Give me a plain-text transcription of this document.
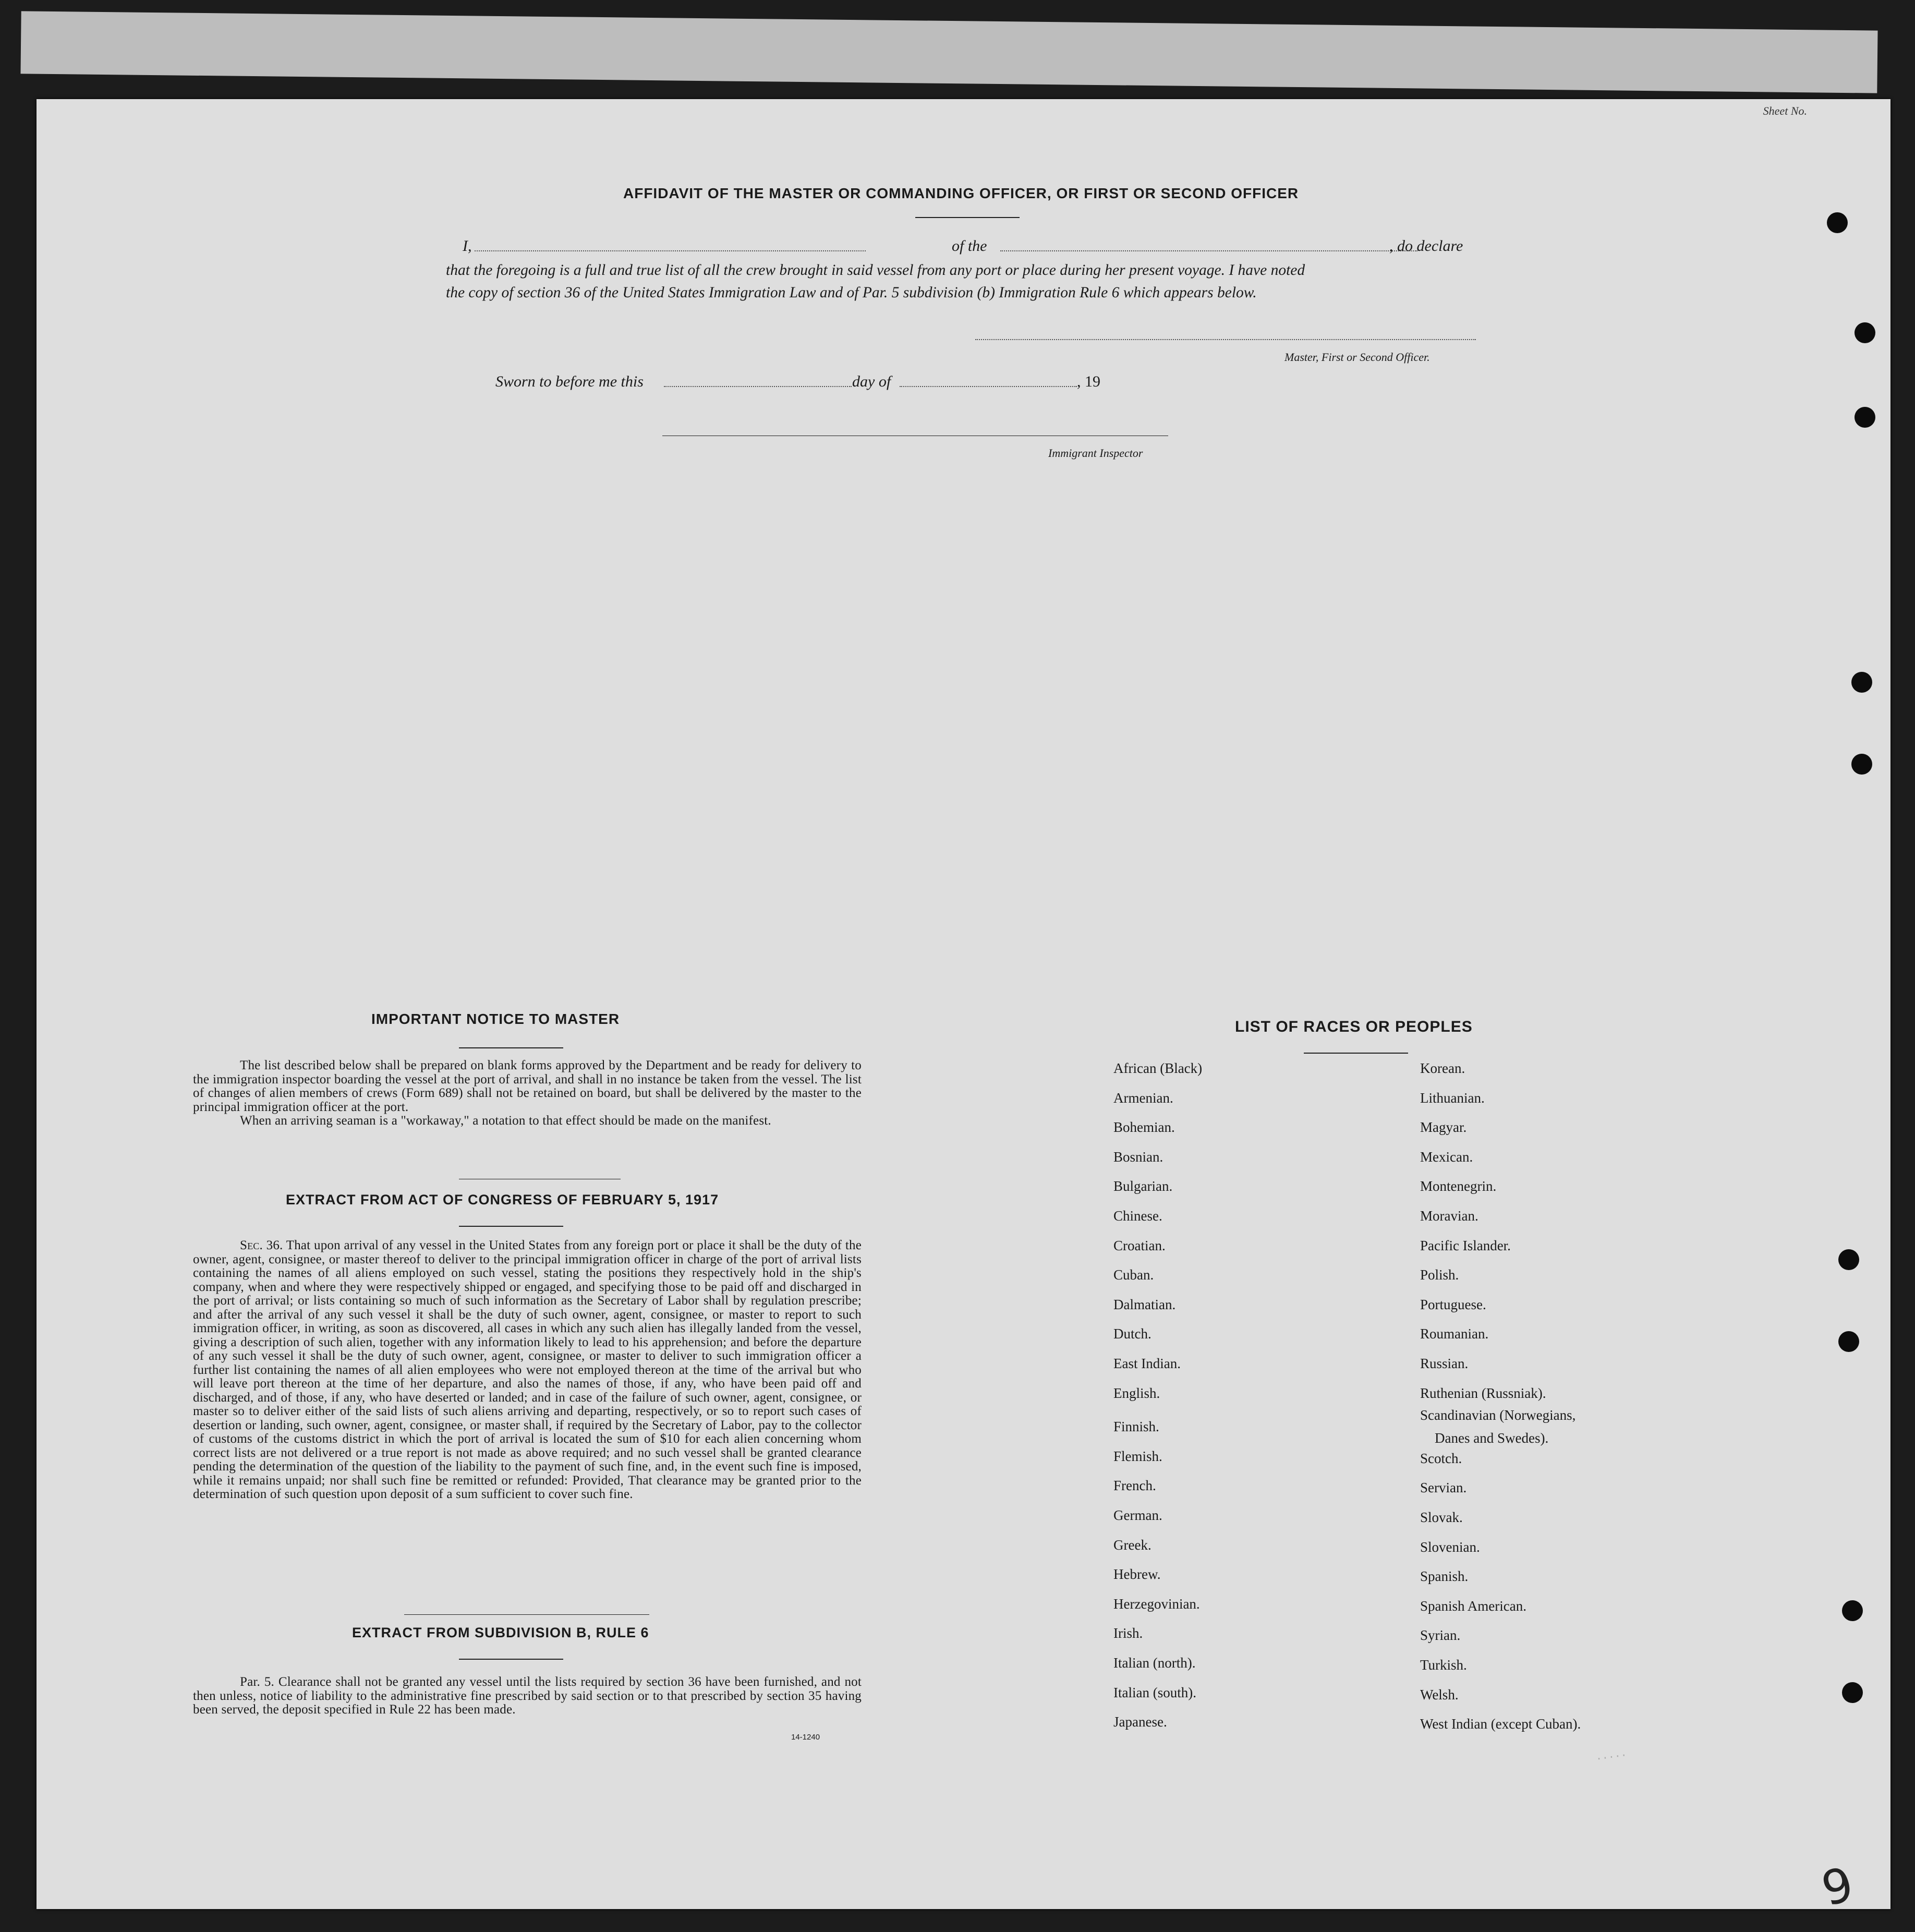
Sheet No.
AFFIDAVIT OF THE MASTER OR COMMANDING OFFICER, OR FIRST OR SECOND OFFICER
I,	of the	, do declare
that the foregoing is a full and true list of all the crew brought in said vessel from any port or place during her present voyage. I have noted
the copy of section 36 of the United States Immigration Law and of Par. 5 subdivision (b) Immigration Rule 6 which appears below.
Master, First or Second Officer.
Sworn to before me this	day of	, 19
Immigrant Inspector
IMPORTANT NOTICE TO MASTER

The list described below shall be prepared on blank forms approved by the Department and be ready for delivery to the immigration inspector boarding the vessel at the port of arrival, and shall in no instance be taken from the vessel. The list of changes of alien members of crews (Form 689) shall not be retained on board, but shall be delivered by the master to the principal immigration officer at the port.

When an arriving seaman is a "workaway," a notation to that effect should be made on the manifest.

EXTRACT FROM ACT OF CONGRESS OF FEBRUARY 5, 1917

Sec. 36. That upon arrival of any vessel in the United States from any foreign port or place it shall be the duty of the owner, agent, consignee, or master thereof to deliver to the principal immigration officer in charge of the port of arrival lists containing the names of all aliens employed on such vessel, stating the positions they respectively hold in the ship's company, when and where they were respectively shipped or engaged, and specifying those to be paid off and discharged in the port of arrival; or lists containing so much of such information as the Secretary of Labor shall by regulation prescribe; and after the arrival of any such vessel it shall be the duty of such owner, agent, consignee, or master to report to such immigration officer, in writing, as soon as discovered, all cases in which any such alien has illegally landed from the vessel, giving a description of such alien, together with any information likely to lead to his apprehension; and before the departure of any such vessel it shall be the duty of such owner, agent, consignee, or master to deliver to such immigration officer a further list containing the names of all alien employees who were not employed thereon at the time of the arrival but who will leave port thereon at the time of her departure, and also the names of those, if any, who have been paid off and discharged, and of those, if any, who have deserted or landed; and in case of the failure of such owner, agent, consignee, or master so to deliver either of the said lists of such aliens arriving and departing, respectively, or so to report such cases of desertion or landing, such owner, agent, consignee, or master shall, if required by the Secretary of Labor, pay to the collector of customs of the customs district in which the port of arrival is located the sum of $10 for each alien concerning whom correct lists are not delivered or a true report is not made as above required; and no such vessel shall be granted clearance pending the determination of the question of the liability to the payment of such fine, and, in the event such fine is imposed, while it remains unpaid; nor shall such fine be remitted or refunded: Provided, That clearance may be granted prior to the determination of such question upon deposit of a sum sufficient to cover such fine.

EXTRACT FROM SUBDIVISION B, RULE 6

Par. 5. Clearance shall not be granted any vessel until the lists required by section 36 have been furnished, and not then unless, notice of liability to the administrative fine prescribed by said section or to that prescribed by section 35 having been served, the deposit specified in Rule 22 has been made.

14-1240
LIST OF RACES OR PEOPLES
Danes and Swedes).
·····
9
African (Black)
Armenian.
Bohemian.
Bosnian.
Bulgarian.
Chinese.
Croatian.
Cuban.
Dalmatian.
Dutch.
East Indian.
English.
Finnish.
Flemish.
French.
German.
Greek.
Hebrew.
Herzegovinian.
Irish.
Italian (north).
Italian (south).
Japanese.
Korean.
Lithuanian.
Magyar.
Mexican.
Montenegrin.
Moravian.
Pacific Islander.
Polish.
Portuguese.
Roumanian.
Russian.
Ruthenian (Russniak).
Scandinavian (Norwegians,
Scotch.
Servian.
Slovak.
Slovenian.
Spanish.
Spanish American.
Syrian.
Turkish.
Welsh.
West Indian (except Cuban).
